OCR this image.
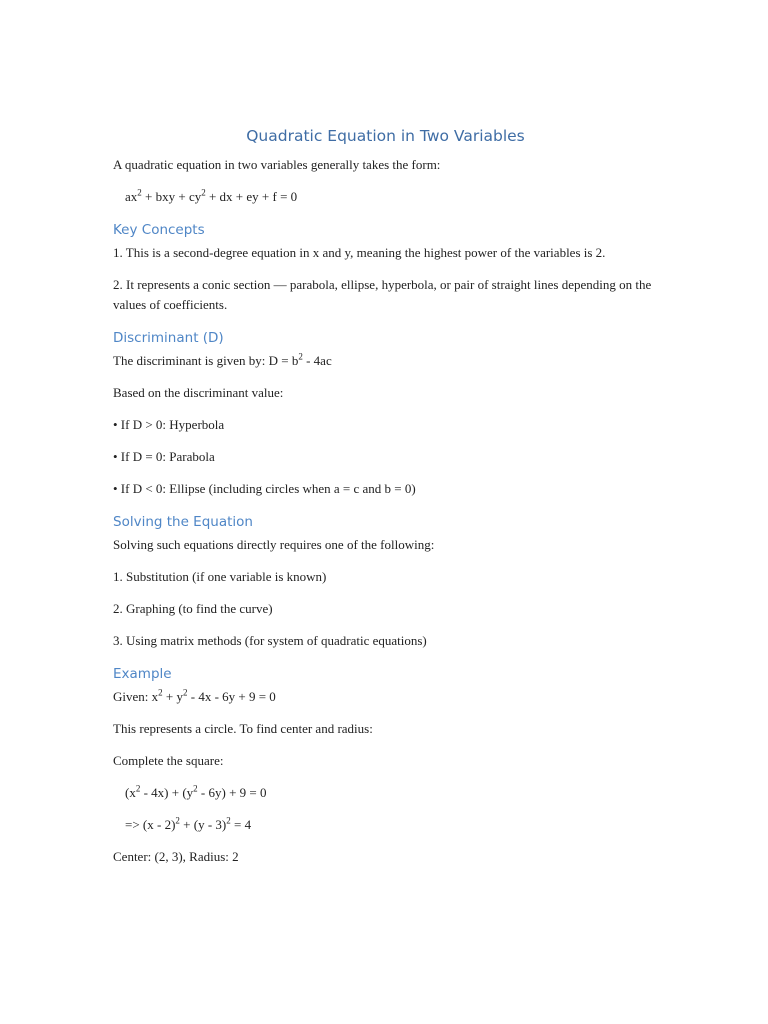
Quadratic Equation in Two Variables

A quadratic equation in two variables generally takes the form:

$ax^2$ + bxy + $cy^2$ + dx + ey + f = 0

Key Concepts

1. This is a second-degree equation in x and y, meaning the highest power of the variables is 2.

2. It represents a conic section — parabola, ellipse, hyperbola, or pair of straight lines depending on the values of coefficients.

Discriminant (D)

The discriminant is given by: $D = b^2 - 4ac$

Based on the discriminant value:

• If D > 0: Hyperbola

• If D = 0: Parabola

• If D < 0: Ellipse (including circles when a = c and b = 0)

Solving the Equation

Solving such equations directly requires one of the following:

1. Substitution (if one variable is known)

2. Graphing (to find the curve)

3. Using matrix methods (for system of quadratic equations)

Example

Given: $x^2 + y^2 - 4x - 6y + 9 = 0$

This represents a circle. To find center and radius:

Complete the square:

$(x^2 - 4x) + (y^2 - 6y) + 9 = 0$

=> (x - 2)$^2$ + (y - 3)$^2$ = 4

Center: (2, 3), Radius: 2
